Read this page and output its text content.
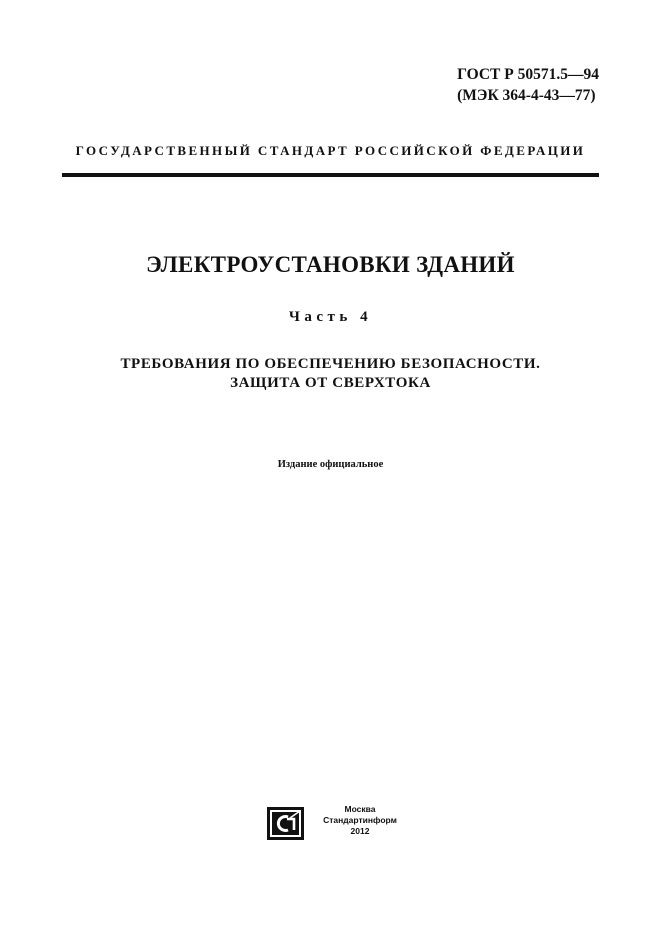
ГОСТ Р 50571.5—94
(МЭК 364-4-43—77)
ГОСУДАРСТВЕННЫЙ СТАНДАРТ РОССИЙСКОЙ ФЕДЕРАЦИИ
ЭЛЕКТРОУСТАНОВКИ ЗДАНИЙ
Часть 4
ТРЕБОВАНИЯ ПО ОБЕСПЕЧЕНИЮ БЕЗОПАСНОСТИ.
ЗАЩИТА ОТ СВЕРХТОКА
Издание официальное
Москва
Стандартинформ
2012
